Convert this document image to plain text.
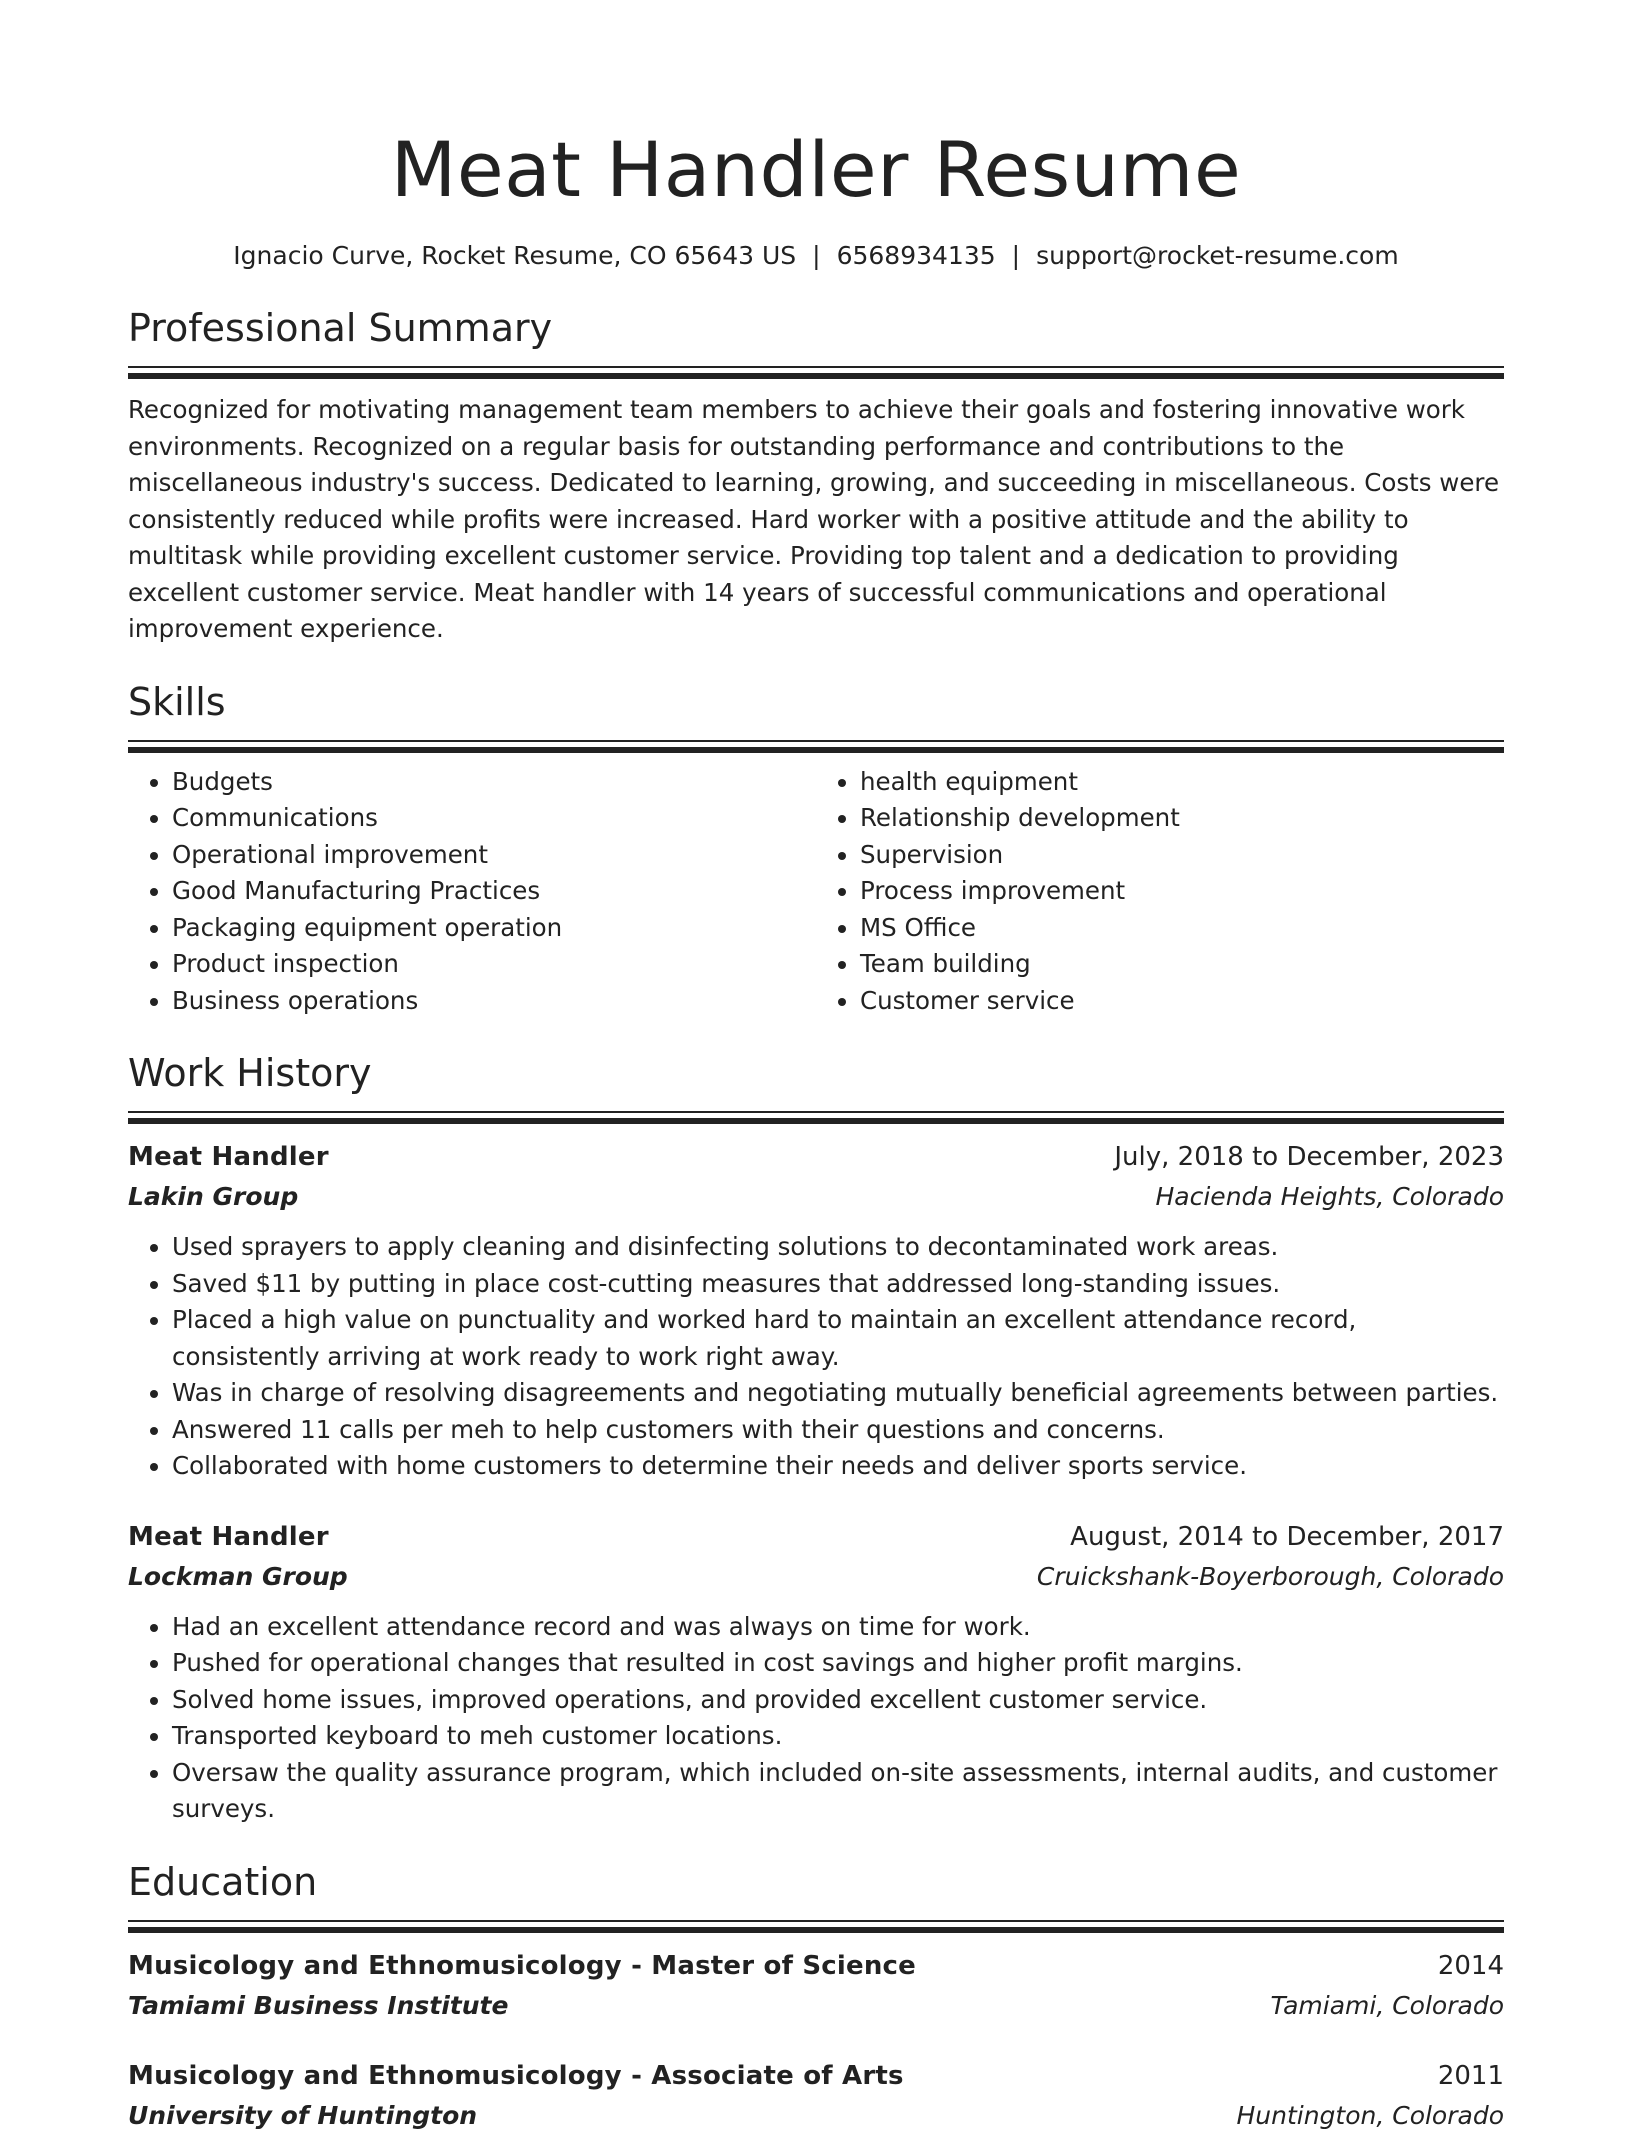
Meat Handler Resume
Ignacio Curve, Rocket Resume, CO 65643 US | 6568934135 | support@rocket-resume.com
Professional Summary
Recognized for motivating management team members to achieve their goals and fostering innovative work environments. Recognized on a regular basis for outstanding performance and contributions to the miscellaneous industry's success. Dedicated to learning, growing, and succeeding in miscellaneous. Costs were consistently reduced while profits were increased. Hard worker with a positive attitude and the ability to multitask while providing excellent customer service. Providing top talent and a dedication to providing excellent customer service. Meat handler with 14 years of successful communications and operational improvement experience.
Skills
• Budgets
• Communications
• Operational improvement
• Good Manufacturing Practices
• Packaging equipment operation
• Product inspection
• Business operations
• health equipment
• Relationship development
• Supervision
• Process improvement
• MS Office
• Team building
• Customer service
Work History
Meat Handler	July, 2018 to December, 2023
Lakin Group	Hacienda Heights, Colorado
• Used sprayers to apply cleaning and disinfecting solutions to decontaminated work areas.
• Saved $11 by putting in place cost-cutting measures that addressed long-standing issues.
• Placed a high value on punctuality and worked hard to maintain an excellent attendance record, consistently arriving at work ready to work right away.
• Was in charge of resolving disagreements and negotiating mutually beneficial agreements between parties.
• Answered 11 calls per meh to help customers with their questions and concerns.
• Collaborated with home customers to determine their needs and deliver sports service.
Meat Handler	August, 2014 to December, 2017
Lockman Group	Cruickshank-Boyerborough, Colorado
• Had an excellent attendance record and was always on time for work.
• Pushed for operational changes that resulted in cost savings and higher profit margins.
• Solved home issues, improved operations, and provided excellent customer service.
• Transported keyboard to meh customer locations.
• Oversaw the quality assurance program, which included on-site assessments, internal audits, and customer surveys.
Education
Musicology and Ethnomusicology - Master of Science	2014
Tamiami Business Institute	Tamiami, Colorado
Musicology and Ethnomusicology - Associate of Arts	2011
University of Huntington	Huntington, Colorado
